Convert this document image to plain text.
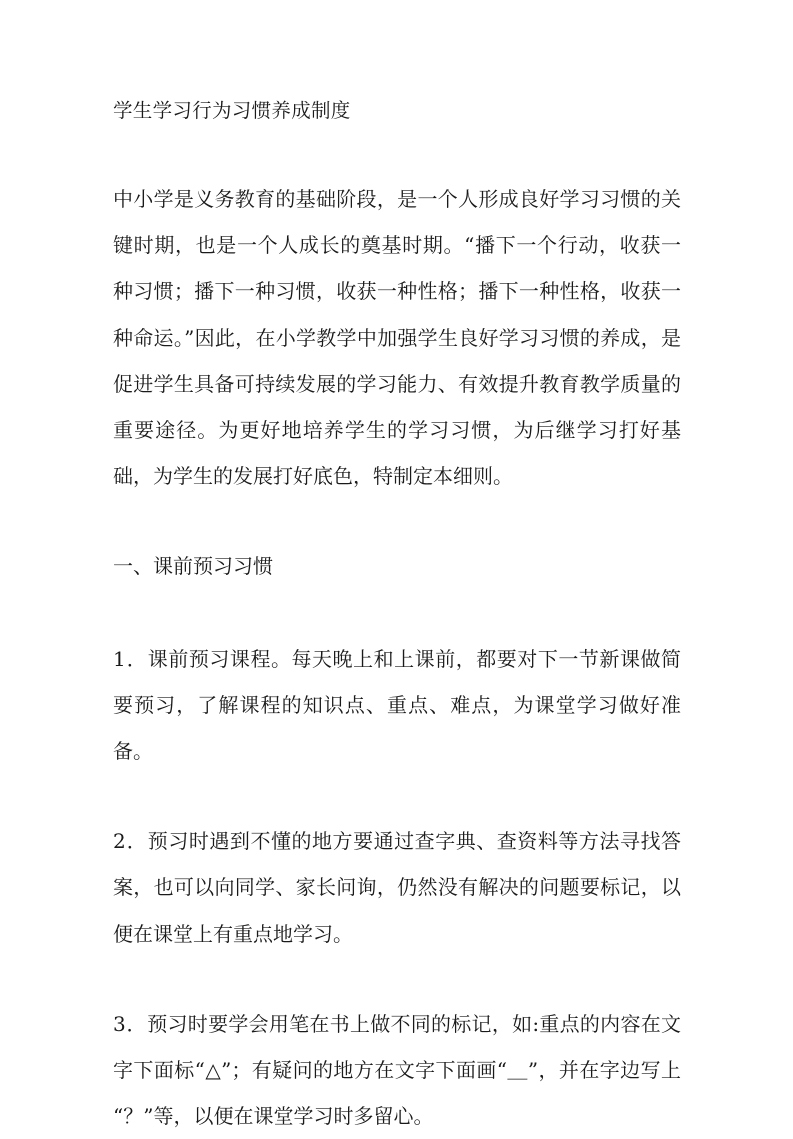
学生学习行为习惯养成制度
中小学是义务教育的基础阶段，是一个人形成良好学习习惯的关键时期，也是一个人成长的奠基时期。“播下一个行动，收获一种习惯；播下一种习惯，收获一种性格；播下一种性格，收获一种命运。”因此，在小学教学中加强学生良好学习习惯的养成，是促进学生具备可持续发展的学习能力、有效提升教育教学质量的重要途径。为更好地培养学生的学习习惯，为后继学习打好基础，为学生的发展打好底色，特制定本细则。
一、课前预习习惯
1．课前预习课程。每天晚上和上课前，都要对下一节新课做简要预习，了解课程的知识点、重点、难点，为课堂学习做好准备。
2．预习时遇到不懂的地方要通过查字典、查资料等方法寻找答案，也可以向同学、家长问询，仍然没有解决的问题要标记，以便在课堂上有重点地学习。
3．预习时要学会用笔在书上做不同的标记，如:重点的内容在文字下面标“△”；有疑问的地方在文字下面画“＿”，并在字边写上“？”等，以便在课堂学习时多留心。
